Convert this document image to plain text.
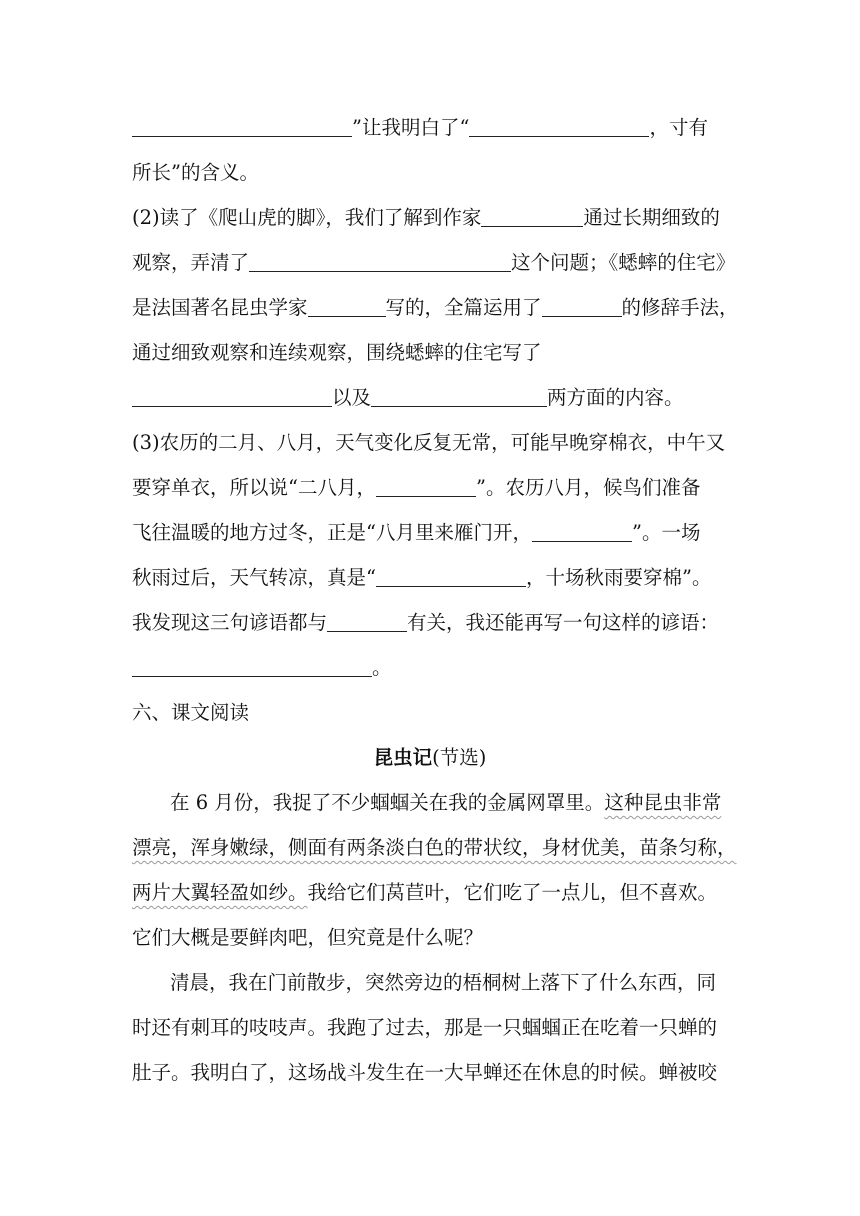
”让我明白了“	，寸有
所长”的含义。
(2)读了《爬山虎的脚》，我们了解到作家	通过长期细致的
观察，弄清了	这个问题；《蟋蟀的住宅》
是法国著名昆虫学家	写的，全篇运用了	的修辞手法，
通过细致观察和连续观察，围绕蟋蟀的住宅写了
以及	两方面的内容。
(3)农历的二月、八月，天气变化反复无常，可能早晚穿棉衣，中午又
要穿单衣，所以说“二八月，	”。农历八月，候鸟们准备
飞往温暖的地方过冬，正是“八月里来雁门开，	”。一场
秋雨过后，天气转凉，真是“	，十场秋雨要穿棉”。
我发现这三句谚语都与	有关，我还能再写一句这样的谚语：
。
六、课文阅读
昆虫记(节选)
在 6 月份，我捉了不少蝈蝈关在我的金属网罩里。这种昆虫非常
漂亮，浑身嫩绿，侧面有两条淡白色的带状纹，身材优美，苗条匀称，
两片大翼轻盈如纱。我给它们莴苣叶，它们吃了一点儿，但不喜欢。
它们大概是要鲜肉吧，但究竟是什么呢？
清晨，我在门前散步，突然旁边的梧桐树上落下了什么东西，同
时还有刺耳的吱吱声。我跑了过去，那是一只蝈蝈正在吃着一只蝉的
肚子。我明白了，这场战斗发生在一大早蝉还在休息的时候。蝉被咬
